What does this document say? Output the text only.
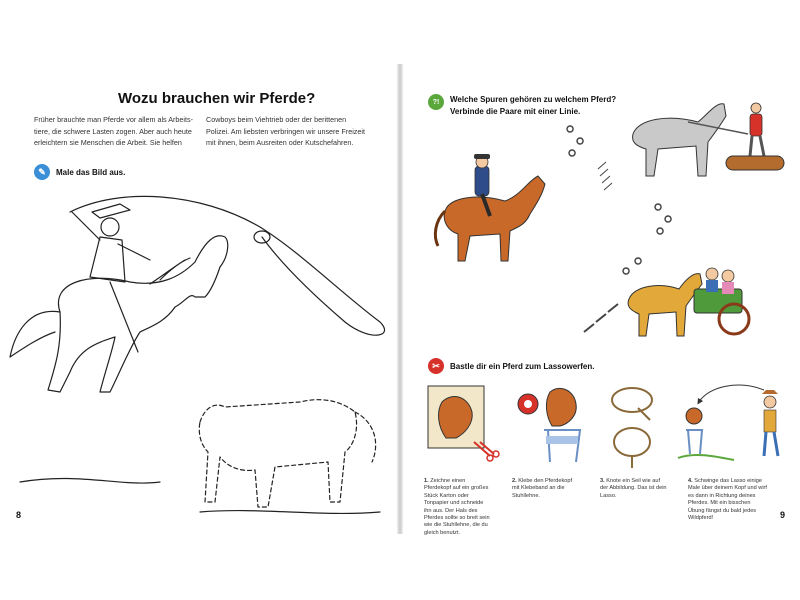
Wozu brauchen wir Pferde?
Früher brauchte man Pferde vor allem als Arbeitstiere, die schwere Lasten zogen. Aber auch heute erleichtern sie Menschen die Arbeit. Sie helfen
Cowboys beim Viehtrieb oder der berittenen Polizei. Am liebsten verbringen wir unsere Freizeit mit ihnen, beim Ausreiten oder Kutschefahren.
✎	Male das Bild aus.
8
?!	Welche Spuren gehören zu welchem Pferd?
Verbinde die Paare mit einer Linie.
✂	Bastle dir ein Pferd zum Lassowerfen.
1. Zeichne einen Pferdekopf auf ein großes Stück Karton oder Tonpapier und schneide ihn aus. Der Hals des Pferdes sollte so breit sein wie die Stuhllehne, die du gleich benutzt.
2. Klebe den Pferdekopf mit Klebeband an die Stuhllehne.
3. Knote ein Seil wie auf der Abbildung. Das ist dein Lasso.
4. Schwinge das Lasso einige Male über deinem Kopf und wirf es dann in Richtung deines Pferdes. Mit ein bisschen Übung fängst du bald jedes Wildpferd!	9
